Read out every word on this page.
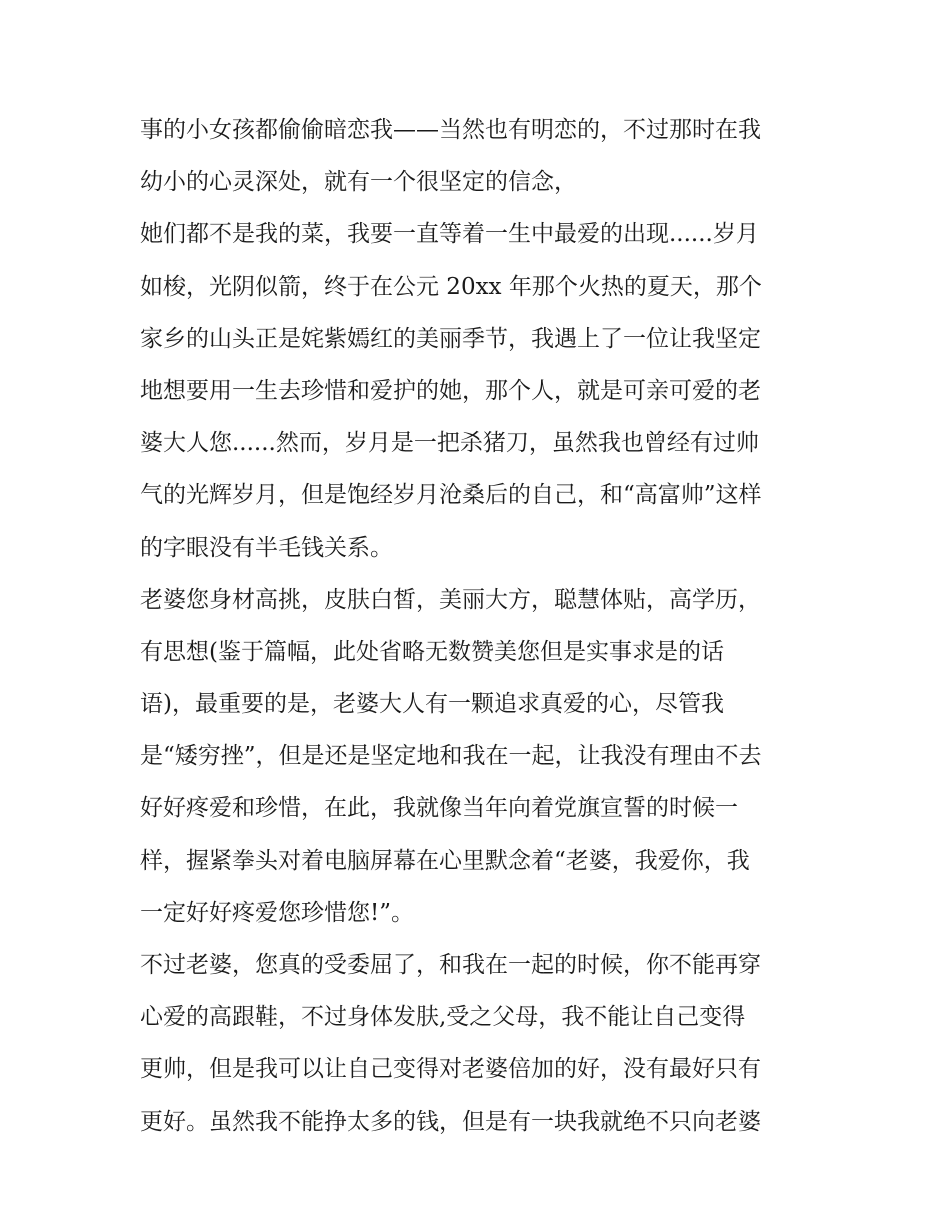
事的小女孩都偷偷暗恋我——当然也有明恋的，不过那时在我
幼小的心灵深处，就有一个很坚定的信念，
她们都不是我的菜，我要一直等着一生中最爱的出现......岁月
如梭，光阴似箭，终于在公元 20xx 年那个火热的夏天，那个
家乡的山头正是姹紫嫣红的美丽季节，我遇上了一位让我坚定
地想要用一生去珍惜和爱护的她，那个人，就是可亲可爱的老
婆大人您......然而，岁月是一把杀猪刀，虽然我也曾经有过帅
气的光辉岁月，但是饱经岁月沧桑后的自己，和“高富帅”这样
的字眼没有半毛钱关系。
老婆您身材高挑，皮肤白皙，美丽大方，聪慧体贴，高学历，
有思想(鉴于篇幅，此处省略无数赞美您但是实事求是的话
语)，最重要的是，老婆大人有一颗追求真爱的心，尽管我
是“矮穷挫”，但是还是坚定地和我在一起，让我没有理由不去
好好疼爱和珍惜，在此，我就像当年向着党旗宣誓的时候一
样，握紧拳头对着电脑屏幕在心里默念着“老婆，我爱你，我
一定好好疼爱您珍惜您!”。
不过老婆，您真的受委屈了，和我在一起的时候，你不能再穿
心爱的高跟鞋，不过身体发肤,受之父母，我不能让自己变得
更帅，但是我可以让自己变得对老婆倍加的好，没有最好只有
更好。虽然我不能挣太多的钱，但是有一块我就绝不只向老婆
